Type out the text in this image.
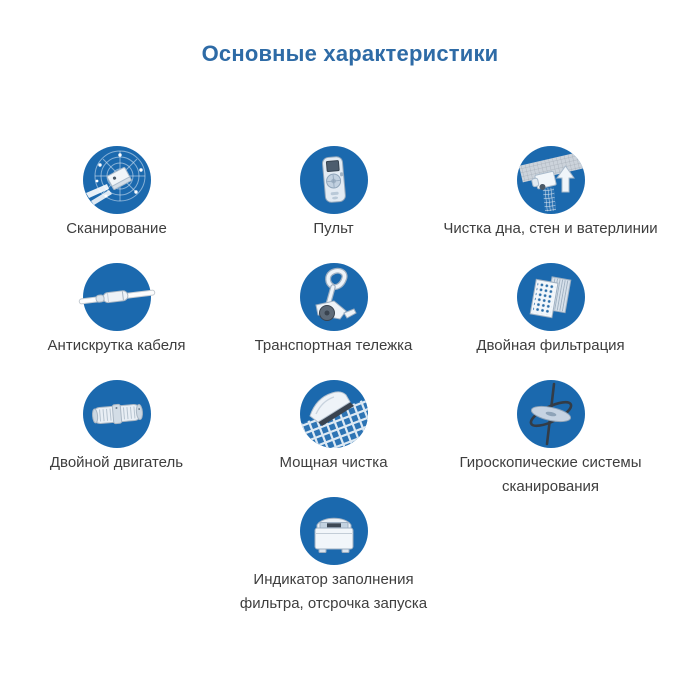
Основные характеристики
Сканирование	Пульт	Чистка дна, стен и ватерлинии
Антискрутка кабеля	Транспортная тележка	Двойная фильтрация
Двойной двигатель	Мощная чистка	Гироскопические системы сканирования
Индикатор заполнения фильтра, отсрочка запуска
